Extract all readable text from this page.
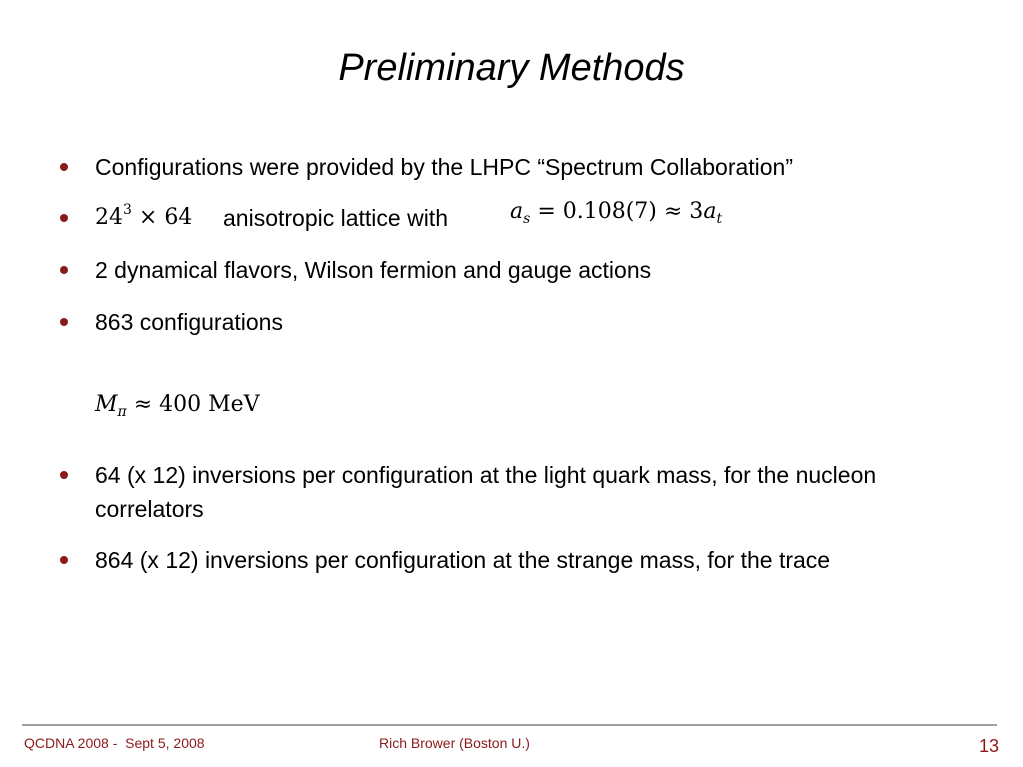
Preliminary Methods
Configurations were provided by the LHPC “Spectrum Collaboration”
$24^3 \times 64$ anisotropic lattice with	$a_s = 0.108(7) \approx 3a_t$
2 dynamical flavors, Wilson fermion and gauge actions
863 configurations
$M_\pi \approx 400$ MeV
64 (x 12) inversions per configuration at the light quark mass, for the nucleon correlators
864 (x 12) inversions per configuration at the strange mass, for the trace
QCDNA 2008 -  Sept 5, 2008	Rich Brower (Boston U.)	13
